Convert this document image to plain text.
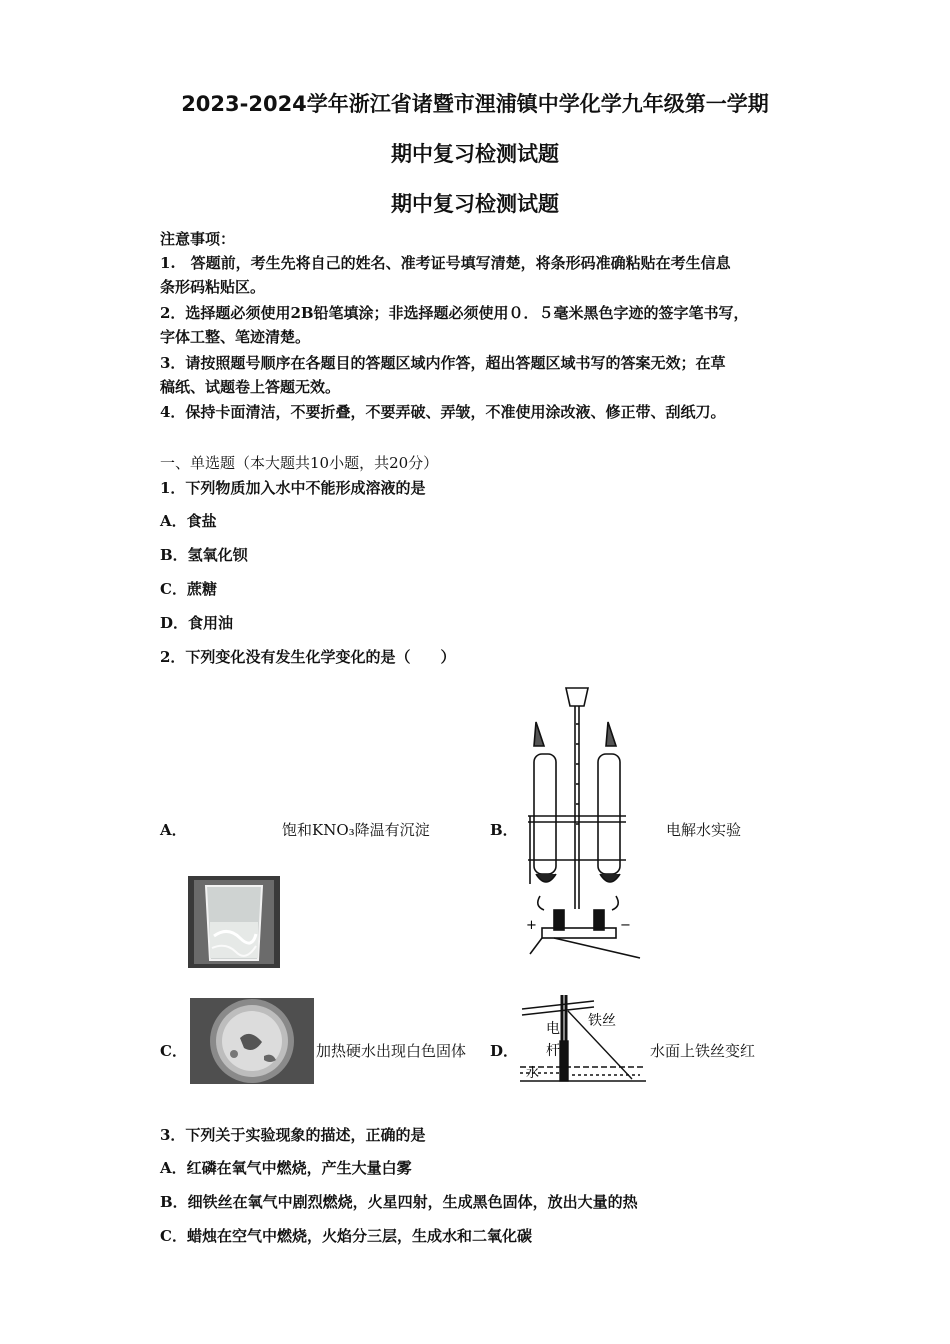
2023-2024学年浙江省诸暨市浬浦镇中学化学九年级第一学期
期中复习检测试题
期中复习检测试题
注意事项：
1.　答题前，考生先将自己的姓名、准考证号填写清楚，将条形码准确粘贴在考生信息
条形码粘贴区。
2．选择题必须使用2B铅笔填涂；非选择题必须使用０．５毫米黑色字迹的签字笔书写，
字体工整、笔迹清楚。
3．请按照题号顺序在各题目的答题区域内作答，超出答题区域书写的答案无效；在草
稿纸、试题卷上答题无效。
4．保持卡面清洁，不要折叠，不要弄破、弄皱，不准使用涂改液、修正带、刮纸刀。
一、单选题（本大题共10小题，共20分）
1．下列物质加入水中不能形成溶液的是
A．食盐
B．氢氧化钡
C．蔗糖
D．食用油
2．下列变化没有发生化学变化的是（　　）
A．	饱和KNO₃降温有沉淀	B．	电解水实验
+	−
C．	加热硬水出现白色固体 D．
电
杆
铁丝
水
水面上铁丝变红
3．下列关于实验现象的描述，正确的是
A．红磷在氧气中燃烧，产生大量白雾
B．细铁丝在氧气中剧烈燃烧，火星四射，生成黑色固体，放出大量的热
C．蜡烛在空气中燃烧，火焰分三层，生成水和二氧化碳
